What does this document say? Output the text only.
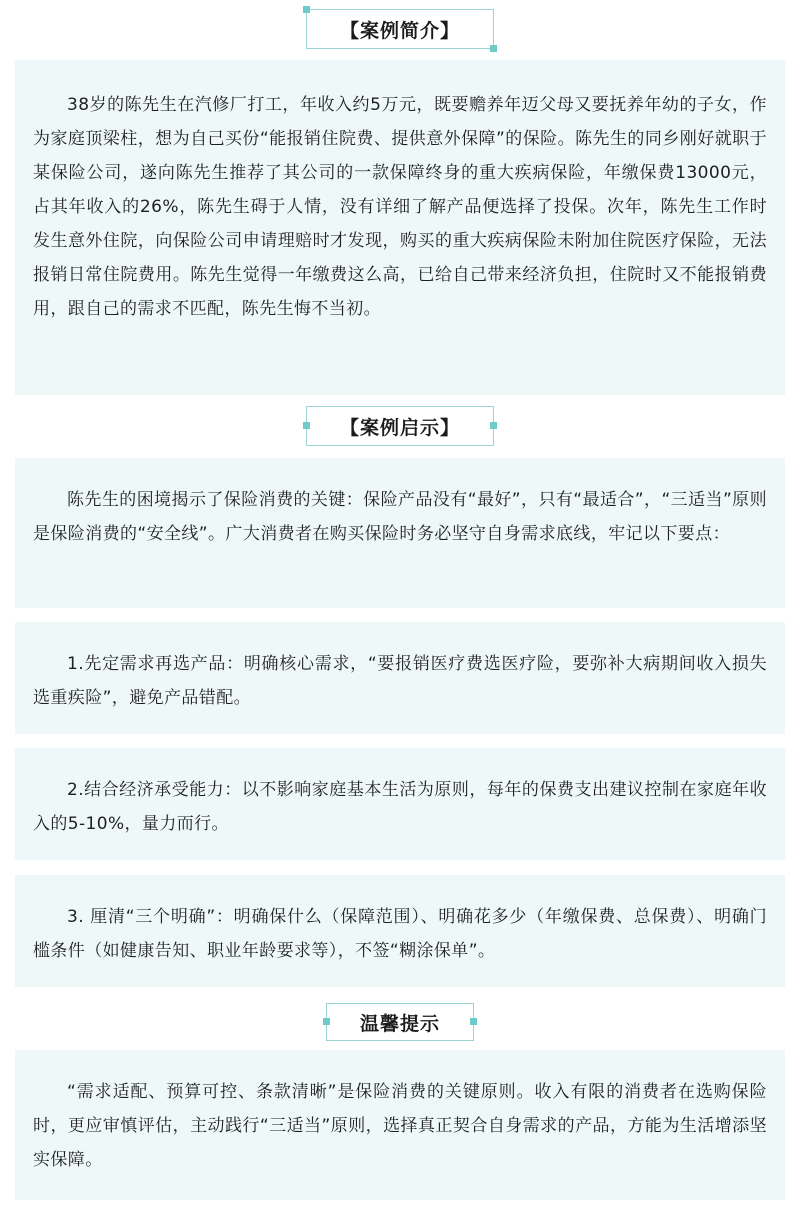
【案例简介】

38岁的陈先生在汽修厂打工，年收入约5万元，既要赡养年迈父母又要抚养年幼的子女，作为家庭顶梁柱，想为自己买份“能报销住院费、提供意外保障”的保险。陈先生的同乡刚好就职于某保险公司，遂向陈先生推荐了其公司的一款保障终身的重大疾病保险，年缴保费13000元，占其年收入的26%，陈先生碍于人情，没有详细了解产品便选择了投保。次年，陈先生工作时发生意外住院，向保险公司申请理赔时才发现，购买的重大疾病保险未附加住院医疗保险，无法报销日常住院费用。陈先生觉得一年缴费这么高，已给自己带来经济负担，住院时又不能报销费用，跟自己的需求不匹配，陈先生悔不当初。

【案例启示】

陈先生的困境揭示了保险消费的关键：保险产品没有“最好”，只有“最适合”，“三适当”原则是保险消费的“安全线”。广大消费者在购买保险时务必坚守自身需求底线，牢记以下要点：

1.先定需求再选产品：明确核心需求，“要报销医疗费选医疗险，要弥补大病期间收入损失选重疾险”，避免产品错配。

2.结合经济承受能力：以不影响家庭基本生活为原则，每年的保费支出建议控制在家庭年收入的5-10%，量力而行。

3. 厘清“三个明确”：明确保什么（保障范围）、明确花多少（年缴保费、总保费）、明确门槛条件（如健康告知、职业年龄要求等），不签“糊涂保单”。

温馨提示

“需求适配、预算可控、条款清晰”是保险消费的关键原则。收入有限的消费者在选购保险时，更应审慎评估，主动践行“三适当”原则，选择真正契合自身需求的产品，方能为生活增添坚实保障。
